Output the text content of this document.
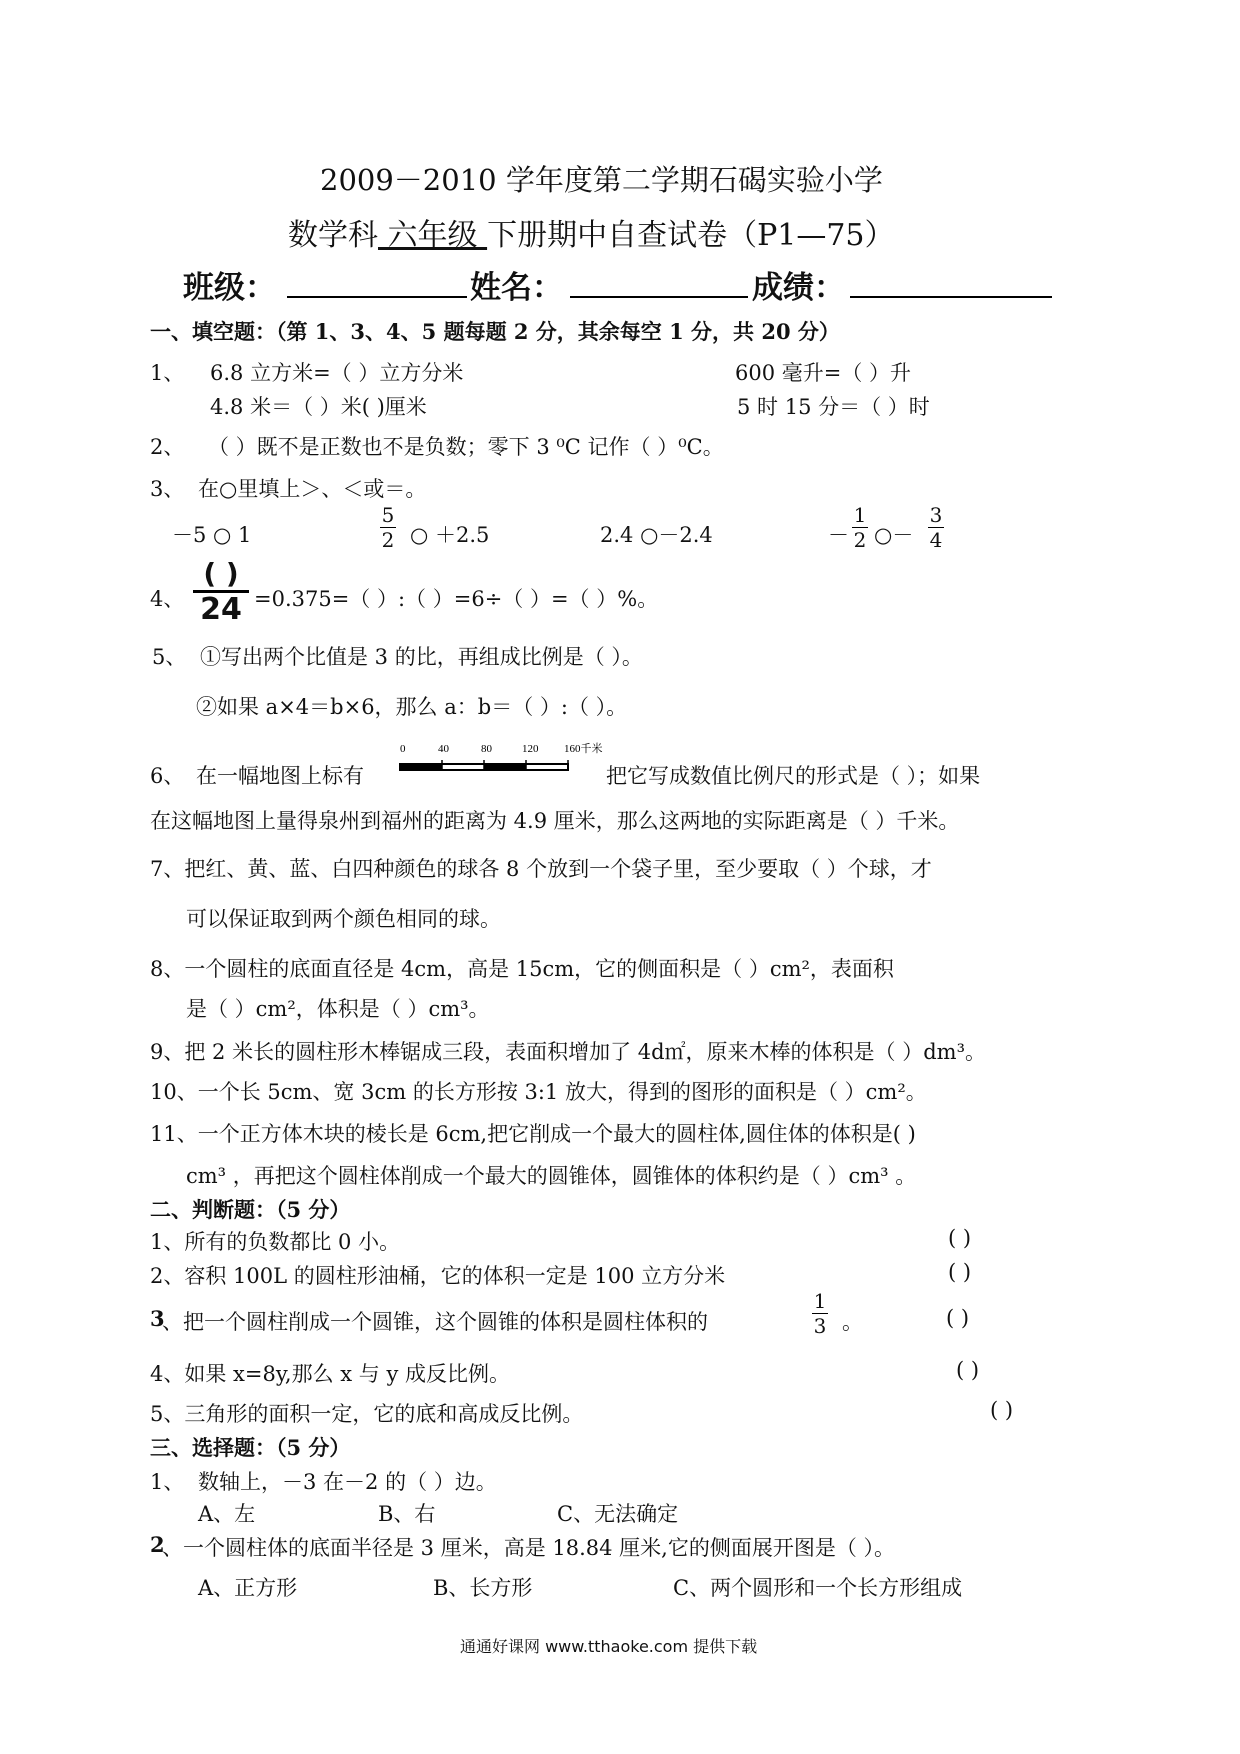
2009－2010 学年度第二学期石碣实验小学
数学科 六年级 下册期中自查试卷（P1—75）
班级：	姓名：	成绩：
一、填空题：（第 1、3、4、5 题每题 2 分，其余每空 1 分，共 20 分）
1、 6.8 立方米=（ ）立方分米	600 毫升=（ ）升
4.8 米＝（ ）米( )厘米	5 时 15 分＝（ ）时
2、 （ ）既不是正数也不是负数；零下 3 ⁰C 记作（ ）⁰C。
3、 在○里填上＞、＜或＝。
－5 ○ 1
5
2 ○ ＋2.5	2.4 ○－2.4	－
1
2 ○－
3
4
4、
( )
24 =0.375=（ ）:（ ）=6÷（ ）=（ ）%。
5、 ①写出两个比值是 3 的比，再组成比例是（ ）。
②如果 a×4＝b×6，那么 a：b＝（ ）:（ ）。
6、 在一幅地图上标有
0	40	80	120 160千米
把它写成数值比例尺的形式是（ ）；如果
在这幅地图上量得泉州到福州的距离为 4.9 厘米，那么这两地的实际距离是（ ）千米。
7、把红、黄、蓝、白四种颜色的球各 8 个放到一个袋子里，至少要取（ ）个球，才
可以保证取到两个颜色相同的球。
8、一个圆柱的底面直径是 4cm，高是 15cm，它的侧面积是（ ）cm²，表面积
是（ ）cm²，体积是（ ）cm³。
9、把 2 米长的圆柱形木棒锯成三段，表面积增加了 4d㎡，原来木棒的体积是（ ）dm³。
10、一个长 5cm、宽 3cm 的长方形按 3:1 放大，得到的图形的面积是（ ）cm²。
11、一个正方体木块的棱长是 6cm,把它削成一个最大的圆柱体,圆住体的体积是( )
cm³ ，再把这个圆柱体削成一个最大的圆锥体，圆锥体的体积约是（ ）cm³ 。
二、判断题：（5 分）
1、所有的负数都比 0 小。	( )
2、容积 100L 的圆柱形油桶，它的体积一定是 100 立方分米	( )
3
、把一个圆柱削成一个圆锥，这个圆锥的体积是圆柱体积的
1
3 。	( )
4、如果 x=8y,那么 x 与 y 成反比例。	( )
5、三角形的面积一定，它的底和高成反比例。	( )
三、选择题：（5 分）
1、 数轴上，－3 在－2 的（ ）边。
A、左	B、右	C、无法确定
2
、一个圆柱体的底面半径是 3 厘米，高是 18.84 厘米,它的侧面展开图是（ ）。
A、正方形	B、长方形	C、两个圆形和一个长方形组成
通通好课网 www.tthaoke.com 提供下载
